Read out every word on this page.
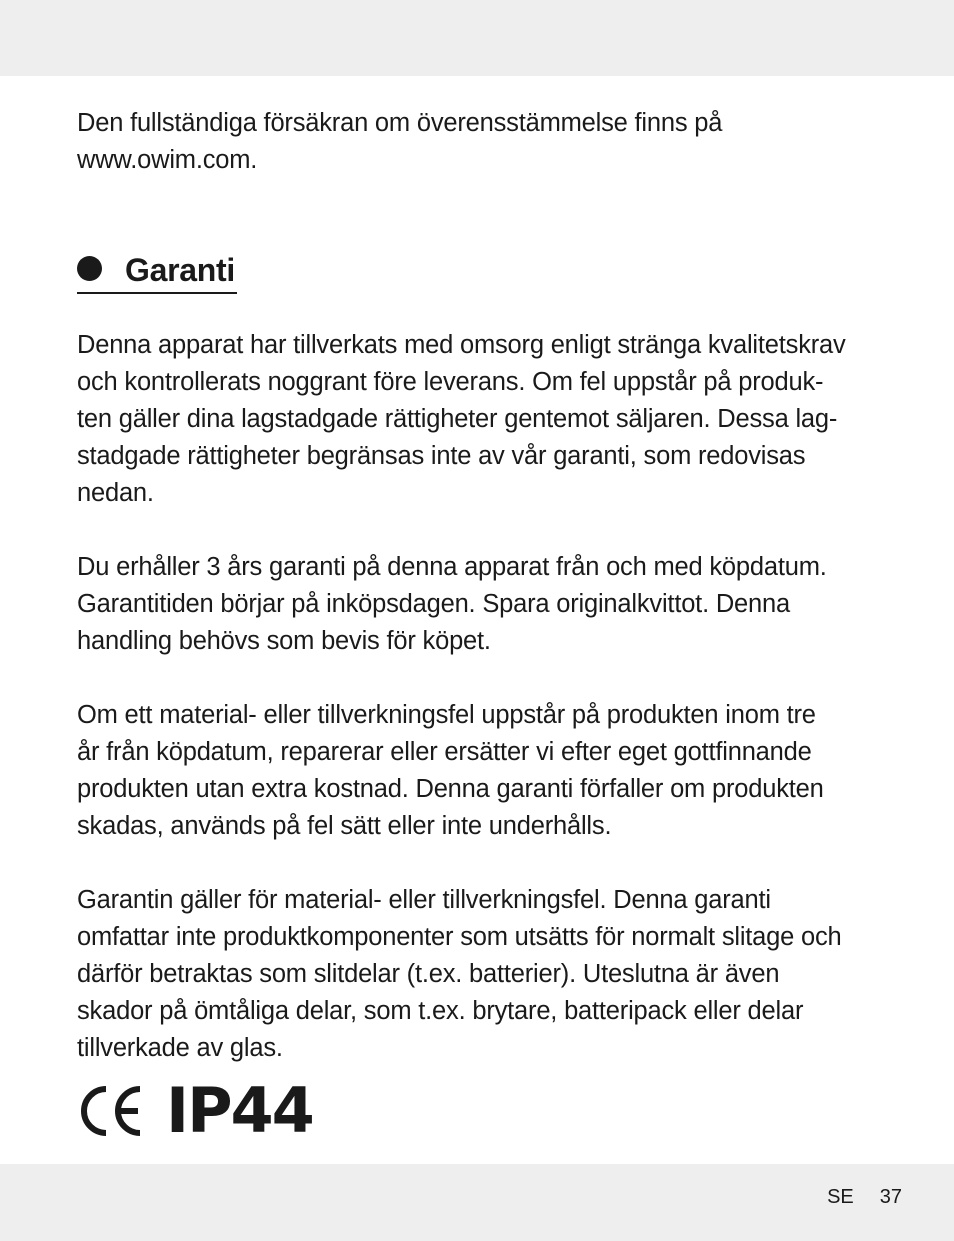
Den fullständiga försäkran om överensstämmelse finns på
www.owim.com.

Garanti

Denna apparat har tillverkats med omsorg enligt stränga kvalitetskrav
och kontrollerats noggrant före leverans. Om fel uppstår på produk-
ten gäller dina lagstadgade rättigheter gentemot säljaren. Dessa lag-
stadgade rättigheter begränsas inte av vår garanti, som redovisas
nedan.

Du erhåller 3 års garanti på denna apparat från och med köpdatum.
Garantitiden börjar på inköpsdagen. Spara originalkvittot. Denna
handling behövs som bevis för köpet.

Om ett material- eller tillverkningsfel uppstår på produkten inom tre
år från köpdatum, reparerar eller ersätter vi efter eget gottfinnande
produkten utan extra kostnad. Denna garanti förfaller om produkten
skadas, används på fel sätt eller inte underhålls.

Garantin gäller för material- eller tillverkningsfel. Denna garanti
omfattar inte produktkomponenter som utsätts för normalt slitage och
därför betraktas som slitdelar (t.ex. batterier). Uteslutna är även
skador på ömtåliga delar, som t.ex. brytare, batteripack eller delar
tillverkade av glas.

IP44
SE 37
